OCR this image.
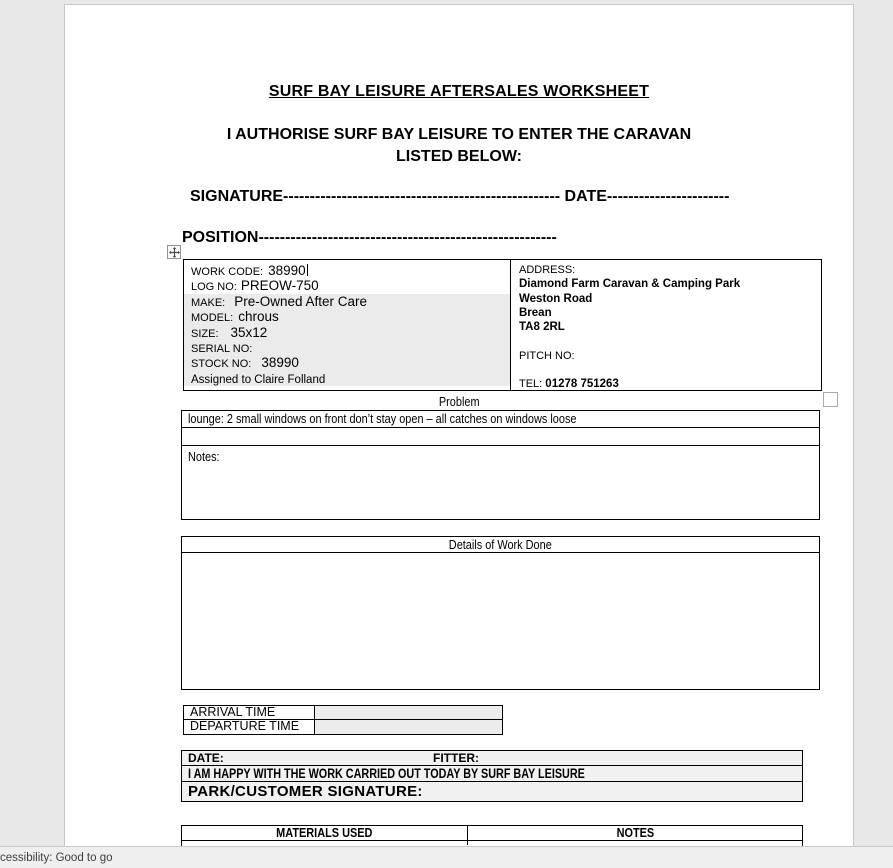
SURF BAY LEISURE AFTERSALES WORKSHEET
I AUTHORISE SURF BAY LEISURE TO ENTER THE CARAVAN
LISTED BELOW:
SIGNATURE---------------------------------------------------- DATE-----------------------
POSITION--------------------------------------------------------
WORK CODE: 38990
LOG NO: PREOW-750
MAKE: Pre-Owned After Care
MODEL: chrous
SIZE: 35x12
SERIAL NO:
STOCK NO: 38990
Assigned to Claire Folland
ADDRESS:
Diamond Farm Caravan & Camping Park
Weston Road
Brean
TA8 2RL
PITCH NO:
TEL: 01278 751263
Problem
lounge: 2 small windows on front don’t stay open – all catches on windows loose
Notes:
Details of Work Done
ARRIVAL TIME
DEPARTURE TIME
DATE:	FITTER:
I AM HAPPY WITH THE WORK CARRIED OUT TODAY BY SURF BAY LEISURE
PARK/CUSTOMER SIGNATURE:
MATERIALS USED	NOTES
cessibility: Good to go
